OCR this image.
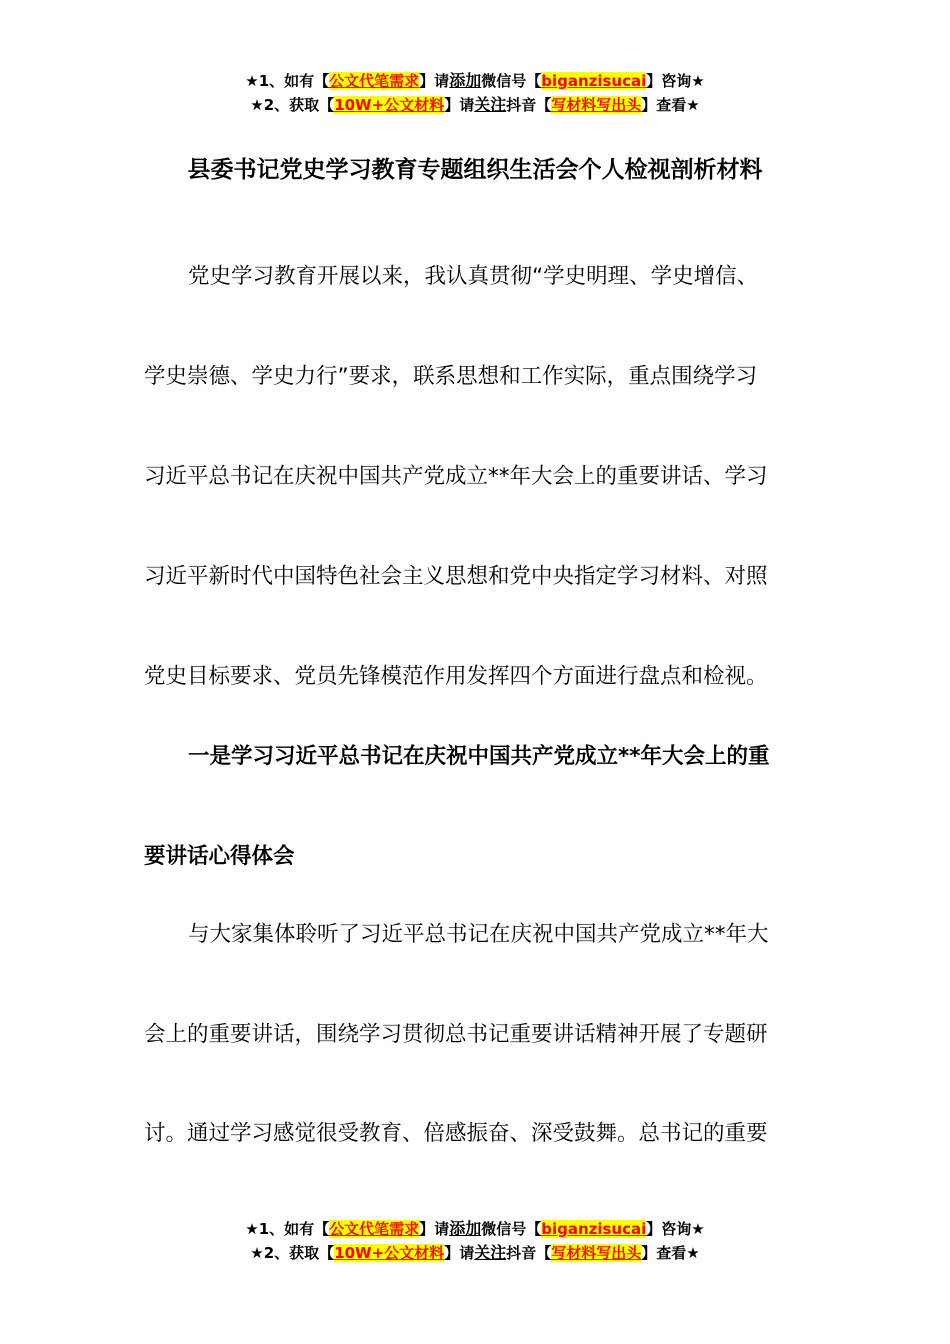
★1、如有【公文代笔需求】请添加微信号【biganzisucai】咨询★
★2、获取【10W+公文材料】请关注抖音【写材料写出头】查看★
县委书记党史学习教育专题组织生活会个人检视剖析材料
党史学习教育开展以来，我认真贯彻“学史明理、学史增信、
学史崇德、学史力行”要求，联系思想和工作实际，重点围绕学习
习近平总书记在庆祝中国共产党成立**年大会上的重要讲话、学习
习近平新时代中国特色社会主义思想和党中央指定学习材料、对照
党史目标要求、党员先锋模范作用发挥四个方面进行盘点和检视。
一是学习习近平总书记在庆祝中国共产党成立**年大会上的重
要讲话心得体会
与大家集体聆听了习近平总书记在庆祝中国共产党成立**年大
会上的重要讲话，围绕学习贯彻总书记重要讲话精神开展了专题研
讨。通过学习感觉很受教育、倍感振奋、深受鼓舞。总书记的重要
★1、如有【公文代笔需求】请添加微信号【biganzisucai】咨询★
★2、获取【10W+公文材料】请关注抖音【写材料写出头】查看★
